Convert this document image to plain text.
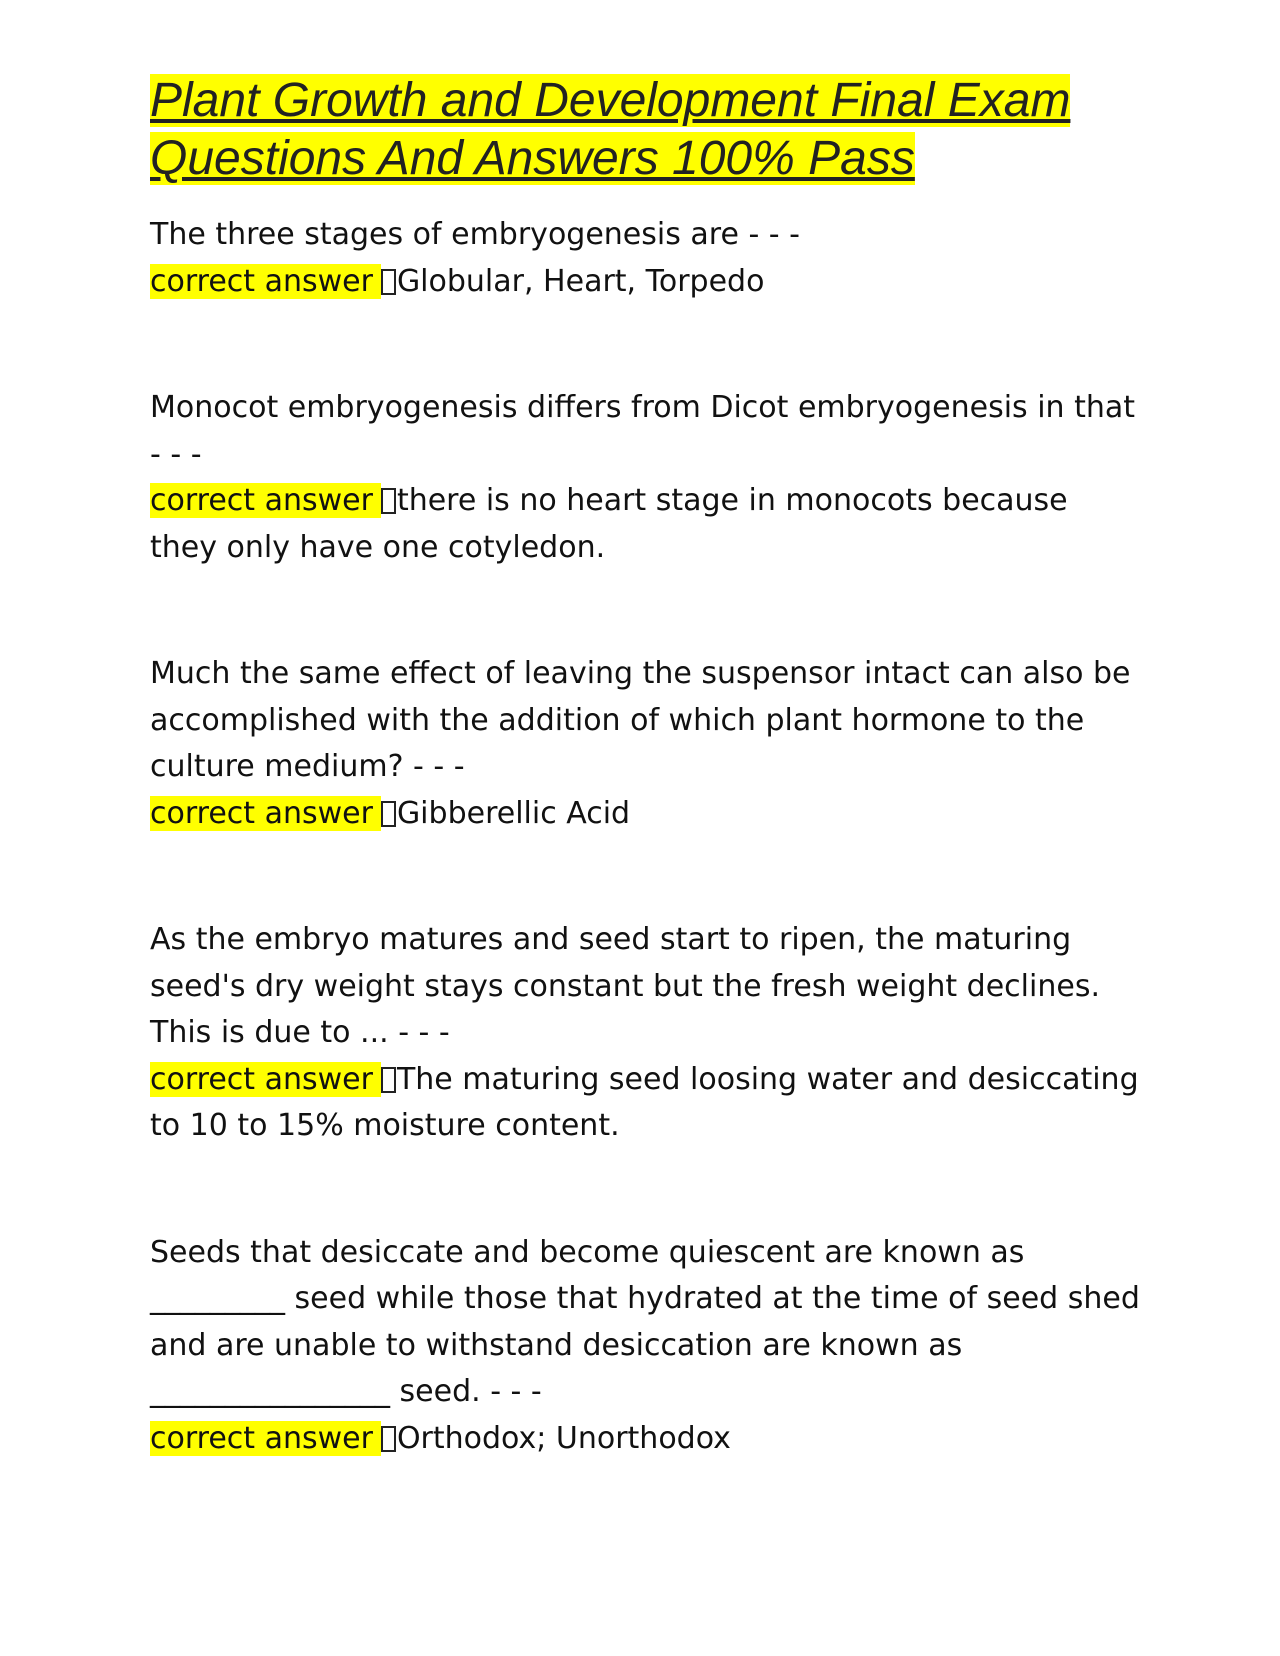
Plant Growth and Development Final Exam Questions And Answers 100% Pass

The three stages of embryogenesis are - - -

correct answer Globular, Heart, Torpedo

Monocot embryogenesis differs from Dicot embryogenesis in that - - -

correct answer there is no heart stage in monocots because they only have one cotyledon.

Much the same effect of leaving the suspensor intact can also be accomplished with the addition of which plant hormone to the culture medium? - - -

correct answer Gibberellic Acid

As the embryo matures and seed start to ripen, the maturing seed's dry weight stays constant but the fresh weight declines. This is due to ... - - -

correct answer The maturing seed loosing water and desiccating to 10 to 15% moisture content.

Seeds that desiccate and become quiescent are known as _________ seed while those that hydrated at the time of seed shed and are unable to withstand desiccation are known as ________________ seed. - - -

correct answer Orthodox; Unorthodox
